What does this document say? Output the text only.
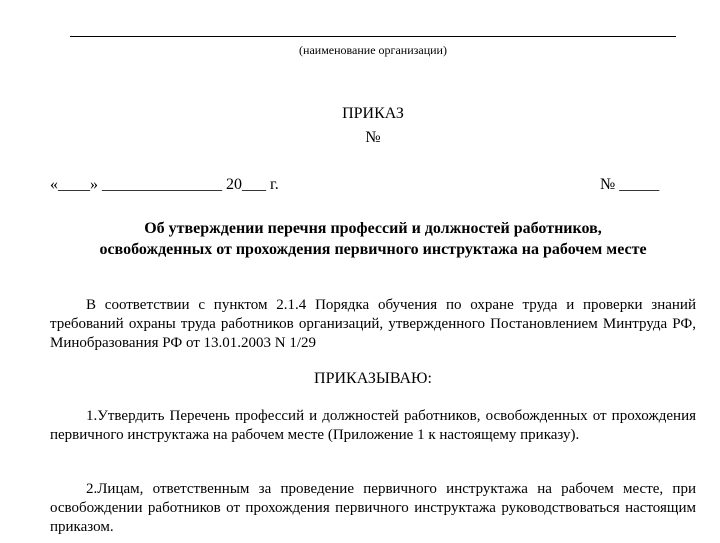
(наименование организации)
ПРИКАЗ
№
«____» _______________ 20___ г.	№ _____
Об утверждении перечня профессий и должностей работников,
освобожденных от прохождения первичного инструктажа на рабочем месте
В соответствии с пунктом 2.1.4 Порядка обучения по охране труда и проверки знаний требований охраны труда работников организаций, утвержденного Постановлением Минтруда РФ, Минобразования РФ от 13.01.2003 N 1/29
ПРИКАЗЫВАЮ:
1.Утвердить Перечень профессий и должностей работников, освобожденных от прохождения первичного инструктажа на рабочем месте (Приложение 1 к настоящему приказу).
2.Лицам, ответственным за проведение первичного инструктажа на рабочем месте, при освобождении работников от прохождения первичного инструктажа руководствоваться настоящим приказом.
